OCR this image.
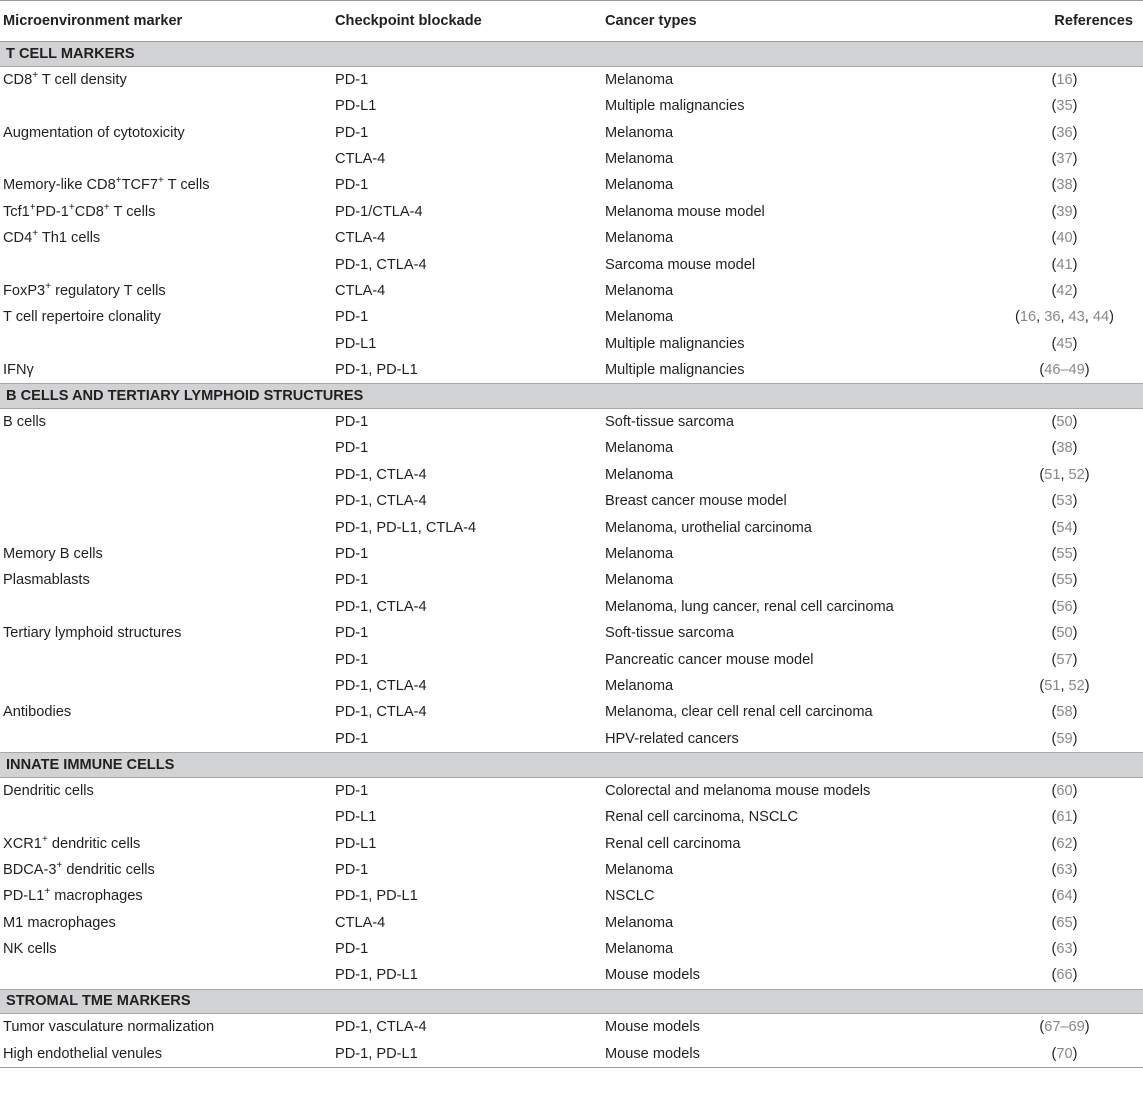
Microenvironment marker	Checkpoint blockade	Cancer types	References
T CELL MARKERS			
CD8+ T cell density	PD-1	Melanoma	(16)
	PD-L1	Multiple malignancies	(35)
Augmentation of cytotoxicity	PD-1	Melanoma	(36)
	CTLA-4	Melanoma	(37)
Memory-like CD8+TCF7+ T cells	PD-1	Melanoma	(38)
Tcf1+PD-1+CD8+ T cells	PD-1/CTLA-4	Melanoma mouse model	(39)
CD4+ Th1 cells	CTLA-4	Melanoma	(40)
	PD-1, CTLA-4	Sarcoma mouse model	(41)
FoxP3+ regulatory T cells	CTLA-4	Melanoma	(42)
T cell repertoire clonality	PD-1	Melanoma	(16, 36, 43, 44)
	PD-L1	Multiple malignancies	(45)
IFNγ	PD-1, PD-L1	Multiple malignancies	(46–49)
B CELLS AND TERTIARY LYMPHOID STRUCTURES			
B cells	PD-1	Soft-tissue sarcoma	(50)
	PD-1	Melanoma	(38)
	PD-1, CTLA-4	Melanoma	(51, 52)
	PD-1, CTLA-4	Breast cancer mouse model	(53)
	PD-1, PD-L1, CTLA-4	Melanoma, urothelial carcinoma	(54)
Memory B cells	PD-1	Melanoma	(55)
Plasmablasts	PD-1	Melanoma	(55)
	PD-1, CTLA-4	Melanoma, lung cancer, renal cell carcinoma	(56)
Tertiary lymphoid structures	PD-1	Soft-tissue sarcoma	(50)
	PD-1	Pancreatic cancer mouse model	(57)
	PD-1, CTLA-4	Melanoma	(51, 52)
Antibodies	PD-1, CTLA-4	Melanoma, clear cell renal cell carcinoma	(58)
	PD-1	HPV-related cancers	(59)
INNATE IMMUNE CELLS			
Dendritic cells	PD-1	Colorectal and melanoma mouse models	(60)
	PD-L1	Renal cell carcinoma, NSCLC	(61)
XCR1+ dendritic cells	PD-L1	Renal cell carcinoma	(62)
BDCA-3+ dendritic cells	PD-1	Melanoma	(63)
PD-L1+ macrophages	PD-1, PD-L1	NSCLC	(64)
M1 macrophages	CTLA-4	Melanoma	(65)
NK cells	PD-1	Melanoma	(63)
	PD-1, PD-L1	Mouse models	(66)
STROMAL TME MARKERS			
Tumor vasculature normalization	PD-1, CTLA-4	Mouse models	(67–69)
High endothelial venules	PD-1, PD-L1	Mouse models	(70)
